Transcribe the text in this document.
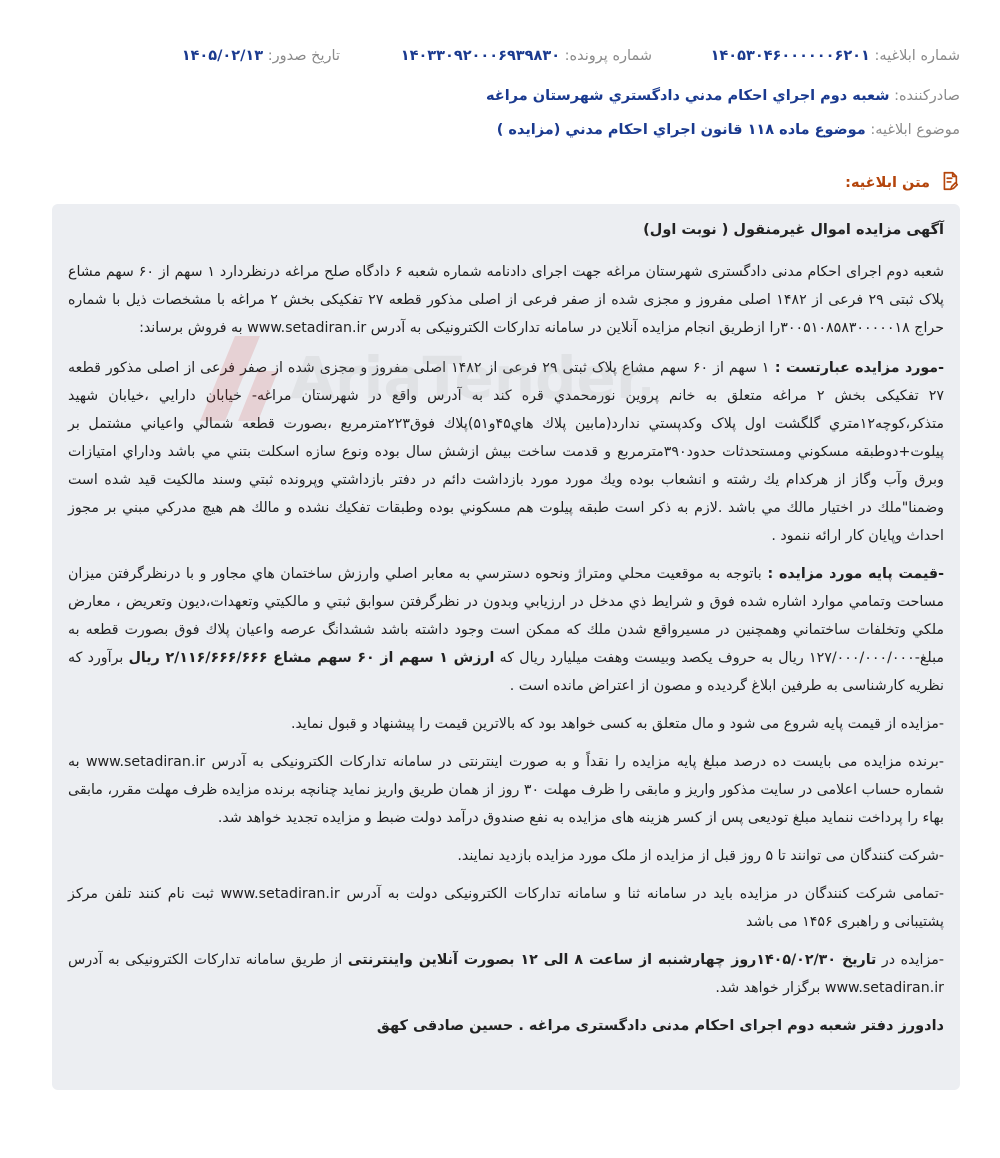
شماره ابلاغیه: ۱۴۰۵۳۰۴۶۰۰۰۰۰۰۶۲۰۱
شماره پرونده: ۱۴۰۳۳۰۹۲۰۰۰۶۹۳۹۸۳۰
تاریخ صدور: ۱۴۰۵/۰۲/۱۳
صادرکننده: شعبه دوم اجراي احکام مدني دادگستري شهرستان مراغه
موضوع ابلاغیه: موضوع ماده ۱۱۸ قانون اجراي احکام مدني (مزايده )
متن ابلاغیه:
آگهی مزایده اموال غیرمنقول ( نوبت اول)

شعبه دوم اجرای احکام مدنی دادگستری شهرستان مراغه جهت اجرای دادنامه شماره شعبه ۶ دادگاه صلح مراغه درنظردارد ۱ سهم از ۶۰ سهم مشاع پلاک ثبتی ۲۹ فرعی از ۱۴۸۲ اصلی مفروز و مجزی شده از صفر فرعی از اصلی مذکور قطعه ۲۷ تفکیکی بخش ۲ مراغه با مشخصات ذیل با شماره حراج ۳۰۰۵۱۰۸۵۸۳۰۰۰۰۰۱۸را ازطریق انجام مزایده آنلاین در سامانه تدارکات الکترونیکی به آدرس www.setadiran.ir به فروش برساند:

-مورد مزایده عبارتست : ۱ سهم از ۶۰ سهم مشاع پلاک ثبتی ۲۹ فرعی از ۱۴۸۲ اصلی مفروز و مجزی شده از صفر فرعی از اصلی مذکور قطعه ۲۷ تفکیکی بخش ۲ مراغه متعلق به خانم پروین نورمحمدي قره کند به آدرس واقع در شهرستان مراغه- خیابان دارایي ،خیابان شهید متذکر،کوچه۱۲متري گلگشت اول پلاک وکدپستي ندارد(مابین پلاك هاي۴۵و۵۱)پلاك فوق۲۲۳مترمربع ،بصورت قطعه شمالي واعياني مشتمل بر پیلوت+دوطبقه مسکوني ومستحدثات حدود۳۹۰مترمربع و قدمت ساخت بیش ازشش سال بوده ونوع سازه اسکلت بتني مي باشد وداراي امتیازات وبرق وآب وگاز از هرکدام یك رشته و انشعاب بوده ویك مورد مورد بازداشت دائم در دفتر بازداشتي وپرونده ثبتي وسند مالکیت قید شده است وضمنا"ملك در اختيار مالك مي باشد .لازم به ذکر است طبقه پیلوت هم مسکوني بوده وطبقات تفکیك نشده و مالك هم هیچ مدرکي مبني بر مجوز احداث وپایان کار ارائه ننمود .

-قیمت پایه مورد مزایده : باتوجه به موقعیت محلي ومتراژ ونحوه دسترسي به معابر اصلي وارزش ساختمان هاي مجاور و با درنظرگرفتن میزان مساحت وتمامي موارد اشاره شده فوق و شرایط ذي مدخل در ارزیابي وبدون در نظرگرفتن سوابق ثبتي و مالکیتي وتعهدات،دیون وتعریض ، معارض ملکي وتخلفات ساختماني وهمچنین در مسیرواقع شدن ملك که ممکن است وجود داشته باشد ششدانگ عرصه واعیان پلاك فوق بصورت قطعه به مبلغ-۱۲۷/۰۰۰/۰۰۰/۰۰۰ ریال به حروف یکصد وبیست وهفت میلیارد ریال که ارزش ۱ سهم از ۶۰ سهم مشاع ۲/۱۱۶/۶۶۶/۶۶۶ ریال برآورد که نظریه کارشناسی به طرفین ابلاغ گردیده و مصون از اعتراض مانده است .

-مزایده از قیمت پایه شروع می شود و مال متعلق به کسی خواهد بود که بالاترین قیمت را پیشنهاد و قبول نماید.

-برنده مزایده می بایست ده درصد مبلغ پایه مزایده را نقداً و به صورت اینترنتی در سامانه تدارکات الکترونیکی به آدرس www.setadiran.ir به شماره حساب اعلامی در سایت مذکور واریز و مابقی را ظرف مهلت ۳۰ روز از همان طریق واریز نماید چنانچه برنده مزایده ظرف مهلت مقرر، مابقی بهاء را پرداخت ننماید مبلغ تودیعی پس از کسر هزینه های مزایده به نفع صندوق درآمد دولت ضبط و مزایده تجدید خواهد شد.

-شرکت کنندگان می توانند تا ۵ روز قبل از مزایده از ملک مورد مزایده بازدید نمایند.

-تمامی شرکت کنندگان در مزایده باید در سامانه ثنا و سامانه تدارکات الکترونیکی دولت به آدرس www.setadiran.ir ثبت نام کنند تلفن مرکز پشتیبانی و راهبری ۱۴۵۶ می باشد

-مزایده در تاریخ ۱۴۰۵/۰۲/۳۰روز چهارشنبه از ساعت ۸ الی ۱۲ بصورت آنلاین واینترنتی از طریق سامانه تدارکات الکترونیکی به آدرس www.setadiran.ir برگزار خواهد شد.

دادورز دفتر شعبه دوم اجرای احکام مدنی دادگستری مراغه . حسین صادقی کهق
